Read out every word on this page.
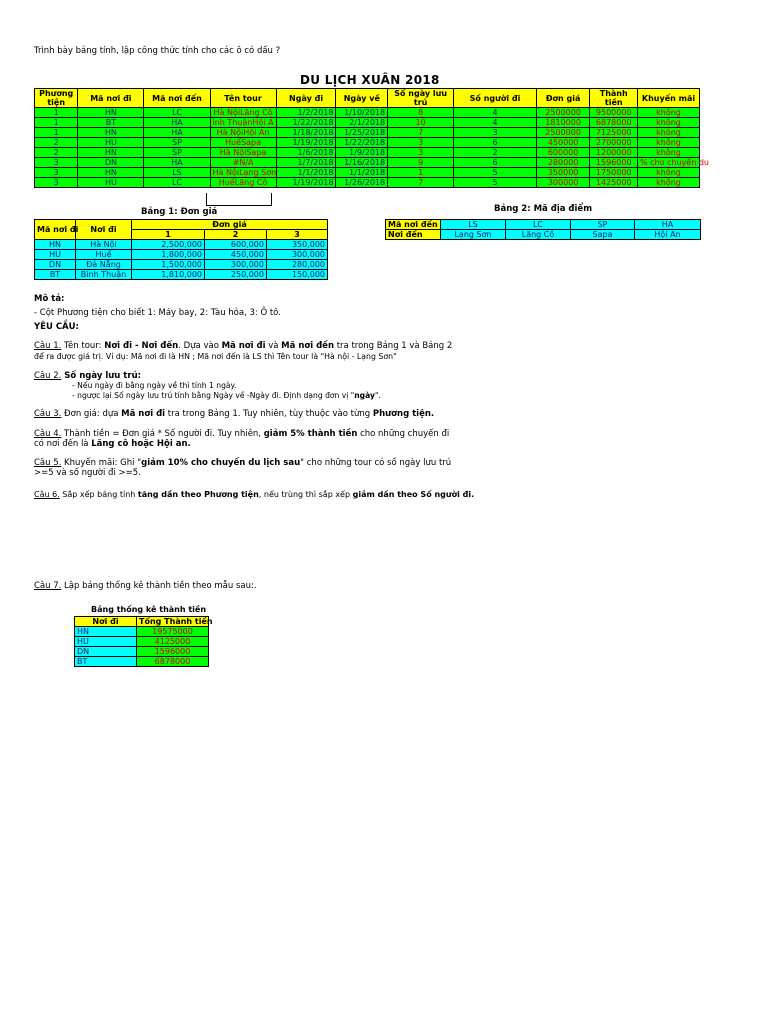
Trình bày bảng tính, lập công thức tính cho các ô có dấu ?
DU LỊCH XUÂN 2018
Phương tiện	Mã nơi đi	Mã nơi đến	Tên tour	Ngày đi	Ngày về	Số ngày lưu trú	Số người đi	Đơn giá	Thành tiền	Khuyến mãi
1	HN	LC	Hà NộiLăng Cô	1/2/2018	1/10/2018	8	4	2500000	9500000	không
1	BT	HA	ình ThuậnHội A	1/22/2018	2/1/2018	10	4	1810000	6878000	không
1	HN	HA	Hà NộiHội An	1/18/2018	1/25/2018	7	3	2500000	7125000	không
2	HU	SP	HuếSapa	1/19/2018	1/22/2018	3	6	450000	2700000	không
2	HN	SP	Hà NộiSapa	1/6/2018	1/9/2018	3	2	600000	1200000	không
3	DN	HA	#N/A	1/7/2018	1/16/2018	9	6	280000	1596000	% cho chuyến du
3	HN	LS	Hà NộiLạng Sơn	1/1/2018	1/1/2018	1	5	350000	1750000	không
3	HU	LC	HuếLăng Cô	1/19/2018	1/26/2018	7	5	300000	1425000	không
Bảng 1: Đơn giá
Mã nơi đi	Nơi đi	Đơn giá		
		1	2	3
HN	Hà Nội	2,500,000	600,000	350,000
HU	Huế	1,800,000	450,000	300,000
DN	Đà Nẵng	1,500,000	300,000	280,000
BT	Bình Thuận	1,810,000	250,000	150,000
Bảng 2: Mã địa điểm
Mã nơi đến	LS	LC	SP	HA
Nơi đến	Lạng Sơn	Lăng Cô	Sapa	Hội An
Mô tả:
- Cột Phương tiện cho biết 1: Máy bay, 2: Tàu hỏa, 3: Ô tô.
YÊU CẦU:
Câu 1. Tên tour: Nơi đi - Nơi đến. Dựa vào Mã nơi đi và Mã nơi đến tra trong Bảng 1 và Bảng 2
để ra được giá trị. Ví dụ: Mã nơi đi là HN ; Mã nơi đến là LS thì Tên tour là "Hà nội - Lạng Sơn"
Câu 2. Số ngày lưu trú:
- Nếu ngày đi bằng ngày về thì tính 1 ngày.
- ngược lại Số ngày lưu trú tính bằng Ngày về -Ngày đi. Định dạng đơn vị "ngày".
Câu 3. Đơn giá: dựa Mã nơi đi tra trong Bảng 1. Tuy nhiên, tùy thuộc vào từng Phương tiện.
Câu 4. Thành tiền = Đơn giá * Số người đi. Tuy nhiên, giảm 5% thành tiền cho những chuyến đi
có nơi đến là Lăng cô hoặc Hội an.
Câu 5. Khuyến mãi: Ghi "giảm 10% cho chuyến du lịch sau" cho những tour có số ngày lưu trú
>=5 và số người đi >=5.
Câu 6. Sắp xếp bảng tính tăng dần theo Phương tiện, nếu trùng thì sắp xếp giảm dần theo Số người đi.
Câu 7. Lập bảng thống kê thành tiền theo mẫu sau:.
Bảng thống kê thành tiền
Nơi đi	Tổng Thành tiền
HN	19575000
HU	4125000
DN	1596000
BT	6878000
